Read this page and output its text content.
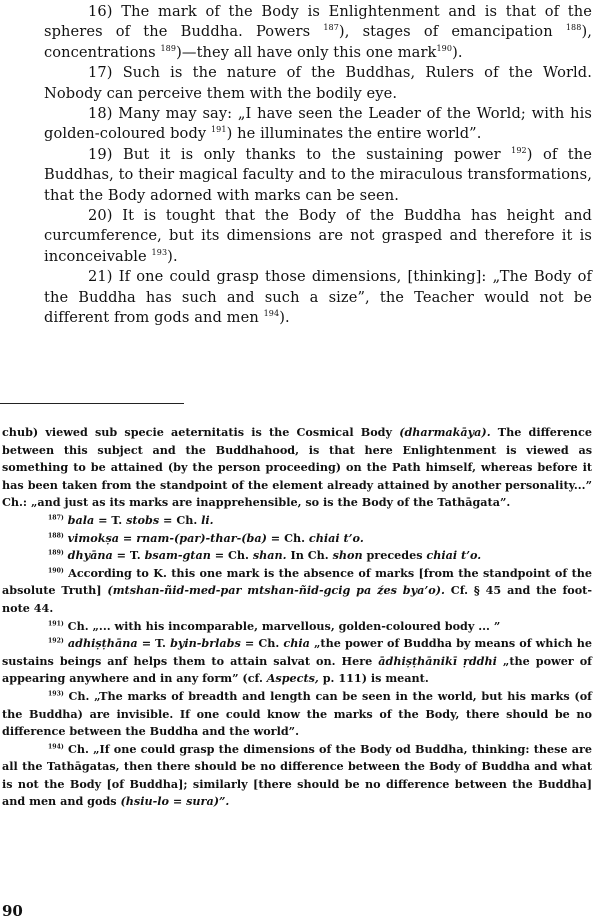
16) The mark of the Body is Enlightenment and is that of the spheres of the Buddha. Powers $^{187}$), stages of emancipation $^{188}$), concentrations $^{189}$)—they all have only this one mark$^{190}$).

17) Such is the nature of the Buddhas, Rulers of the World. Nobody can perceive them with the bodily eye.

18) Many may say: „I have seen the Leader of the World; with his golden-coloured body $^{191}$) he illuminates the entire world”.

19) But it is only thanks to the sustaining power $^{192}$) of the Buddhas, to their magical faculty and to the miraculous transformations, that the Body adorned with marks can be seen.

20) It is tought that the Body of the Buddha has height and curcumference, but its dimensions are not grasped and therefore it is inconceivable $^{193}$).

21) If one could grasp those dimensions, [thinking]: „The Body of the Buddha has such and such a size”, the Teacher would not be different from gods and men $^{194}$).

chub) viewed sub specie aeternitatis is the Cosmical Body (dharmakāya). The difference between this subject and the Buddhahood, is that here Enlightenment is viewed as something to be attained (by the person proceeding) on the Path himself, whereas before it has been taken from the standpoint of the element already attained by another personality...” Ch.: „and just as its marks are inapprehensible, so is the Body of the Tathāgata”.

$^{187)}$ bala = T. stobs = Ch. li.

$^{188)}$ vimokṣa = rnam-(par)-thar-(ba) = Ch. chiai t’o.

$^{189)}$ dhyāna = T. bsam-gtan = Ch. shan. In Ch. shon precedes chiai t’o.

$^{190)}$ According to K. this one mark is the absence of marks [from the standpoint of the absolute Truth] (mtshan-ñid-med-par mtshan-ñid-gcig pa źes bya’o). Cf. § 45 and the foot-note 44.

$^{191)}$ Ch. „... with his incomparable, marvellous, golden-coloured body ... ”

$^{192)}$ adhiṣṭhāna = T. byin-brlabs = Ch. chia „the power of Buddha by means of which he sustains beings anf helps them to attain salvat on. Here ādhiṣṭhānikī ṛddhi „the power of appearing anywhere and in any form” (cf. Aspects, p. 111) is meant.

$^{193)}$ Ch. „The marks of breadth and length can be seen in the world, but his marks (of the Buddha) are invisible. If one could know the marks of the Body, there should be no difference between the Buddha and the world”.

$^{194)}$ Ch. „If one could grasp the dimensions of the Body od Buddha, thinking: these are all the Tathāgatas, then there should be no difference between the Body of Buddha and what is not the Body [of Buddha]; similarly [there should be no difference between the Buddha] and men and gods (hsiu-lo = sura)”.

90
